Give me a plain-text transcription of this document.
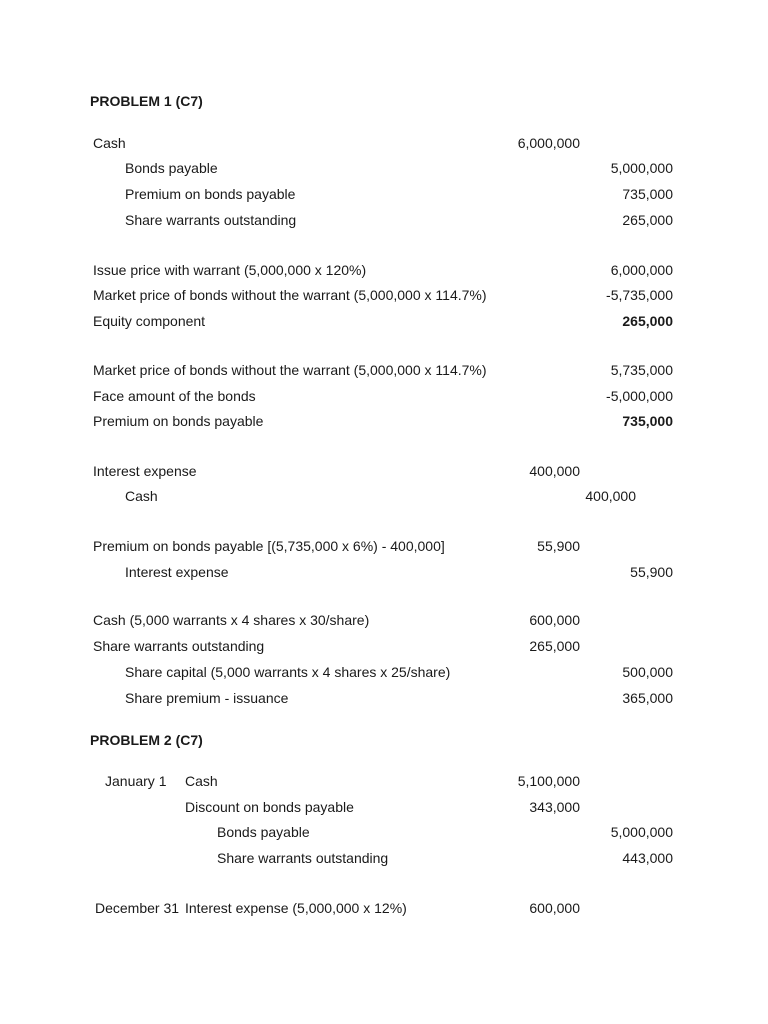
PROBLEM 1 (C7)
Cash	6,000,000
Bonds payable	5,000,000
Premium on bonds payable	735,000
Share warrants outstanding	265,000
Issue price with warrant (5,000,000 x 120%)	6,000,000
Market price of bonds without the warrant (5,000,000 x 114.7%)	-5,735,000
Equity component	265,000
Market price of bonds without the warrant (5,000,000 x 114.7%)	5,735,000
Face amount of the bonds	-5,000,000
Premium on bonds payable	735,000
Interest expense	400,000
Cash	400,000
Premium on bonds payable [(5,735,000 x 6%) - 400,000]	55,900
Interest expense	55,900
Cash (5,000 warrants x 4 shares x 30/share)	600,000
Share warrants outstanding	265,000
Share capital (5,000 warrants x 4 shares x 25/share)	500,000
Share premium - issuance	365,000
PROBLEM 2 (C7)
January 1 Cash	5,100,000
Discount on bonds payable	343,000
Bonds payable	5,000,000
Share warrants outstanding	443,000
December 31 Interest expense (5,000,000 x 12%)	600,000
